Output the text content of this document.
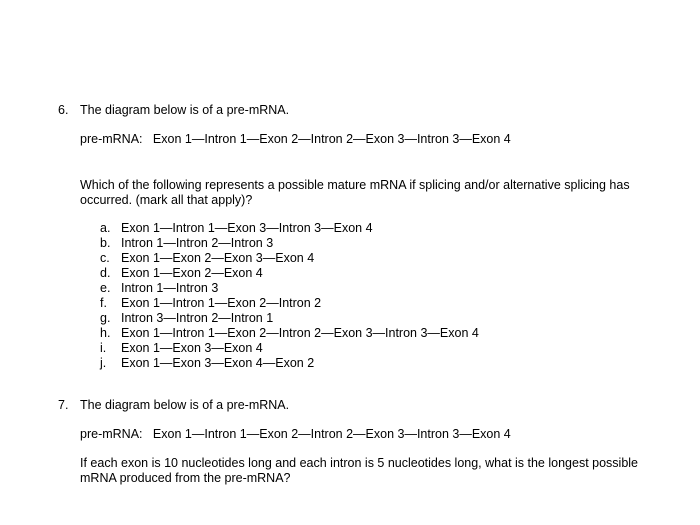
6. The diagram below is of a pre-mRNA.
pre-mRNA:   Exon 1—Intron 1—Exon 2—Intron 2—Exon 3—Intron 3—Exon 4
Which of the following represents a possible mature mRNA if splicing and/or alternative splicing has occurred. (mark all that apply)?
a. Exon 1—Intron 1—Exon 3—Intron 3—Exon 4
b. Intron 1—Intron 2—Intron 3
c. Exon 1—Exon 2—Exon 3—Exon 4
d. Exon 1—Exon 2—Exon 4
e. Intron 1—Intron 3
f. Exon 1—Intron 1—Exon 2—Intron 2
g. Intron 3—Intron 2—Intron 1
h. Exon 1—Intron 1—Exon 2—Intron 2—Exon 3—Intron 3—Exon 4
i. Exon 1—Exon 3—Exon 4
j. Exon 1—Exon 3—Exon 4—Exon 2
7. The diagram below is of a pre-mRNA.
pre-mRNA:   Exon 1—Intron 1—Exon 2—Intron 2—Exon 3—Intron 3—Exon 4
If each exon is 10 nucleotides long and each intron is 5 nucleotides long, what is the longest possible mRNA produced from the pre-mRNA?
